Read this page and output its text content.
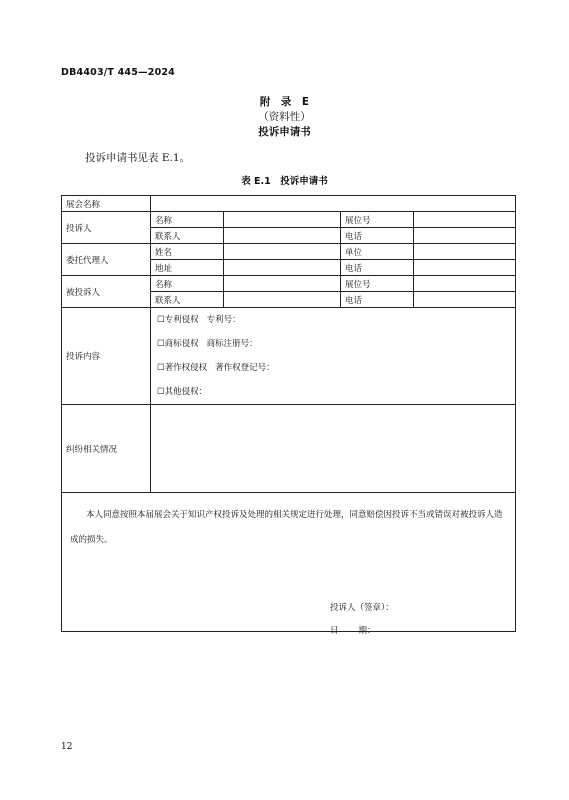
DB4403/T 445—2024
附　录　E
（资料性）
投诉申请书
投诉申请书见表 E.1。
表 E.1　投诉申请书
展会名称				
投诉人	名称		展位号	
	联系人		电话	
委托代理人	姓名		单位	
	地址		电话	
被投诉人	名称		展位号	
	联系人		电话	
投诉内容	☐专利侵权 专利号：
☐商标侵权 商标注册号：
☐著作权侵权 著作权登记号：
☐其他侵权：			

纠纷相关情况				

本人同意按照本届展会关于知识产权投诉及处理的相关规定进行处理，同意赔偿因投诉不当或错误对被投诉人造成的损失。
投诉人（签章）：
日 期：				
12
